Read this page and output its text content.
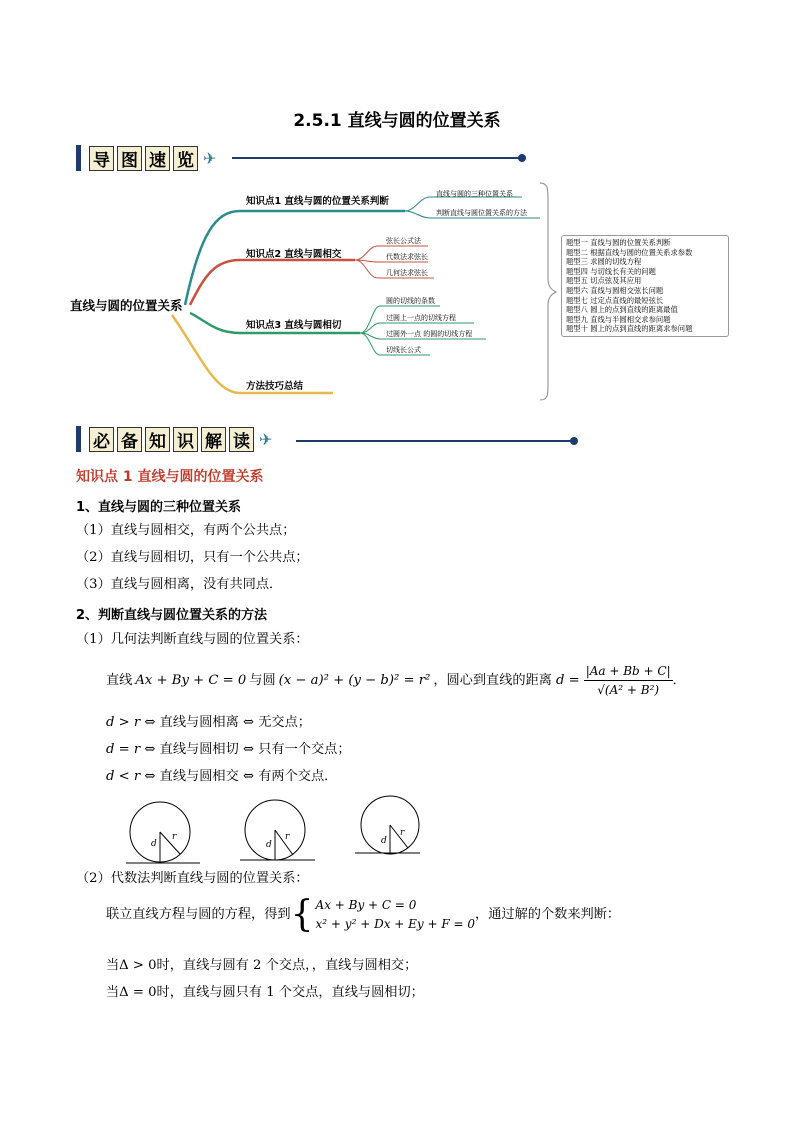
2.5.1 直线与圆的位置关系
导 图 速 览 ✈
直线与圆的位置关系
知识点1 直线与圆的位置关系判断
知识点2 直线与圆相交
知识点3 直线与圆相切
方法技巧总结
直线与圆的三种位置关系
判断直线与圆位置关系的方法
弦长公式法
代数法求弦长
几何法求弦长
圆的切线的条数
过圆上一点的切线方程
过圆外一点 的圆的切线方程
切线长公式
题型一 直线与圆的位置关系判断
题型二 根据直线与圆的位置关系求参数
题型三 求圆的切线方程
题型四 与切线长有关的问题
题型五 切点弦及其应用
题型六 直线与圆相交弦长问题
题型七 过定点直线的最短弦长
题型八 圆上的点到直线的距离最值
题型九 直线与半圆相交求参问题
题型十 圆上的点到直线的距离求参问题
必 备 知 识 解 读 ✈
知识点 1 直线与圆的位置关系
1、直线与圆的三种位置关系
（1）直线与圆相交，有两个公共点；
（2）直线与圆相切，只有一个公共点；
（3）直线与圆相离，没有共同点．
2、判断直线与圆位置关系的方法
（1）几何法判断直线与圆的位置关系：
直线 Ax + By + C = 0 与圆 (x − a)² + (y − b)² = r² ，圆心到直线的距离 $d = \frac{|Aa + Bb + C|}{\text{√(A² + B²)}}$ ．
d > r ⇔ 直线与圆相离 ⇔ 无交点；
d = r ⇔ 直线与圆相切 ⇔ 只有一个交点；
d < r ⇔ 直线与圆相交 ⇔ 有两个交点．
d
r
d
r	d
r
（2）代数法判断直线与圆的位置关系：
联立直线方程与圆的方程，得到 { Ax + By + C = 0
x² + y² + Dx + Ey + F = 0
，通过解的个数来判断：
当Δ > 0时，直线与圆有 2 个交点，，直线与圆相交；
当Δ = 0时，直线与圆只有 1 个交点，直线与圆相切；
